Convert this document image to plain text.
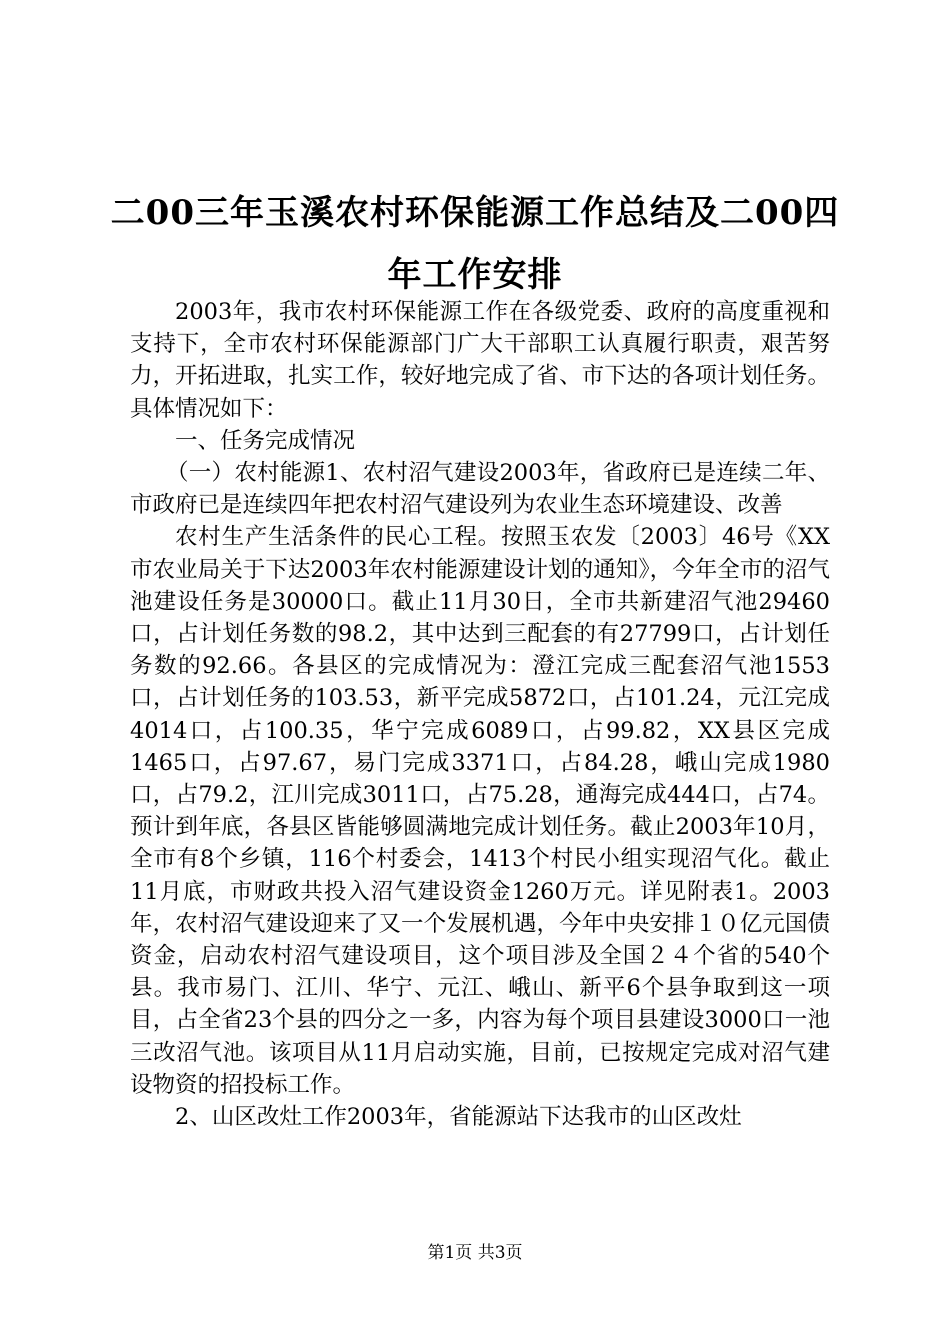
二00三年玉溪农村环保能源工作总结及二00四年工作安排

2003年，我市农村环保能源工作在各级党委、政府的高度重视和支持下，全市农村环保能源部门广大干部职工认真履行职责，艰苦努力，开拓进取，扎实工作，较好地完成了省、市下达的各项计划任务。具体情况如下：

一、任务完成情况

（一）农村能源1、农村沼气建设2003年，省政府已是连续二年、市政府已是连续四年把农村沼气建设列为农业生态环境建设、改善

农村生产生活条件的民心工程。按照玉农发〔2003〕46号《XX市农业局关于下达2003年农村能源建设计划的通知》，今年全市的沼气池建设任务是30000口。截止11月30日，全市共新建沼气池29460口，占计划任务数的98.2，其中达到三配套的有27799口，占计划任务数的92.66。各县区的完成情况为：澄江完成三配套沼气池1553口，占计划任务的103.53，新平完成5872口，占101.24，元江完成4014口，占100.35，华宁完成6089口，占99.82，XX县区完成1465口，占97.67，易门完成3371口，占84.28，峨山完成1980口，占79.2，江川完成3011口，占75.28，通海完成444口，占74。预计到年底，各县区皆能够圆满地完成计划任务。截止2003年10月，全市有8个乡镇，116个村委会，1413个村民小组实现沼气化。截止11月底，市财政共投入沼气建设资金1260万元。详见附表1。2003年，农村沼气建设迎来了又一个发展机遇，今年中央安排１０亿元国债资金，启动农村沼气建设项目，这个项目涉及全国２４个省的540个县。我市易门、江川、华宁、元江、峨山、新平6个县争取到这一项目，占全省23个县的四分之一多，内容为每个项目县建设3000口一池三改沼气池。该项目从11月启动实施，目前，已按规定完成对沼气建设物资的招投标工作。

2、山区改灶工作2003年，省能源站下达我市的山区改灶

第1页 共3页
